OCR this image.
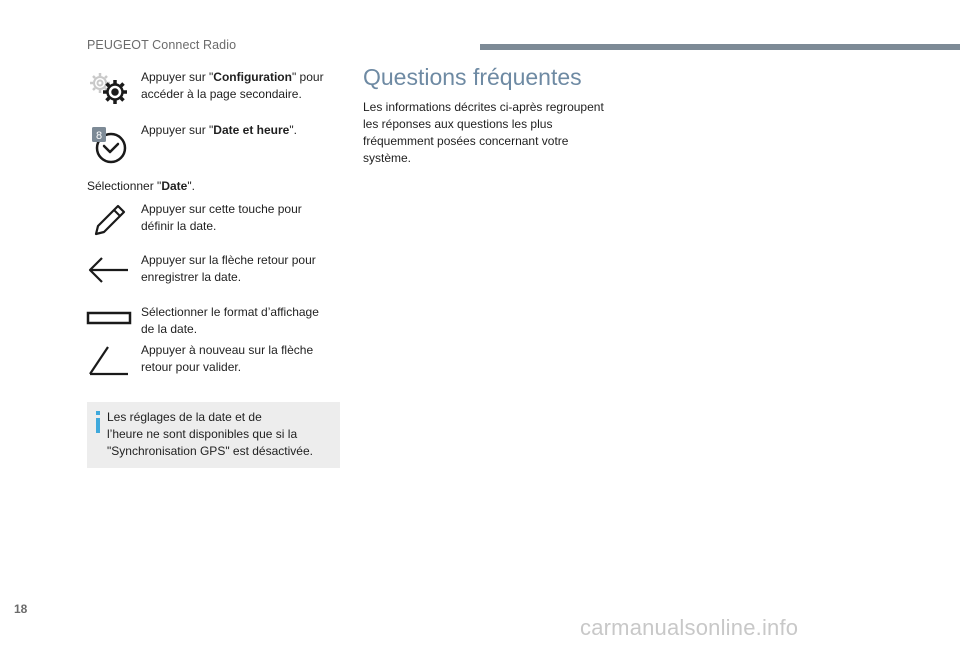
PEUGEOT Connect Radio
Appuyer sur "Configuration" pour
accéder à la page secondaire.
8	Appuyer sur "Date et heure".
Sélectionner "Date".
Appuyer sur cette touche pour
définir la date.
Appuyer sur la flèche retour pour
enregistrer la date.
Sélectionner le format d’affichage
de la date.
Appuyer à nouveau sur la flèche
retour pour valider.
Les réglages de la date et de
l’heure ne sont disponibles que si la
"Synchronisation GPS" est désactivée.
Questions fréquentes
Les informations décrites ci-après regroupent
les réponses aux questions les plus
fréquemment posées concernant votre
système.
18
carmanualsonline.info
